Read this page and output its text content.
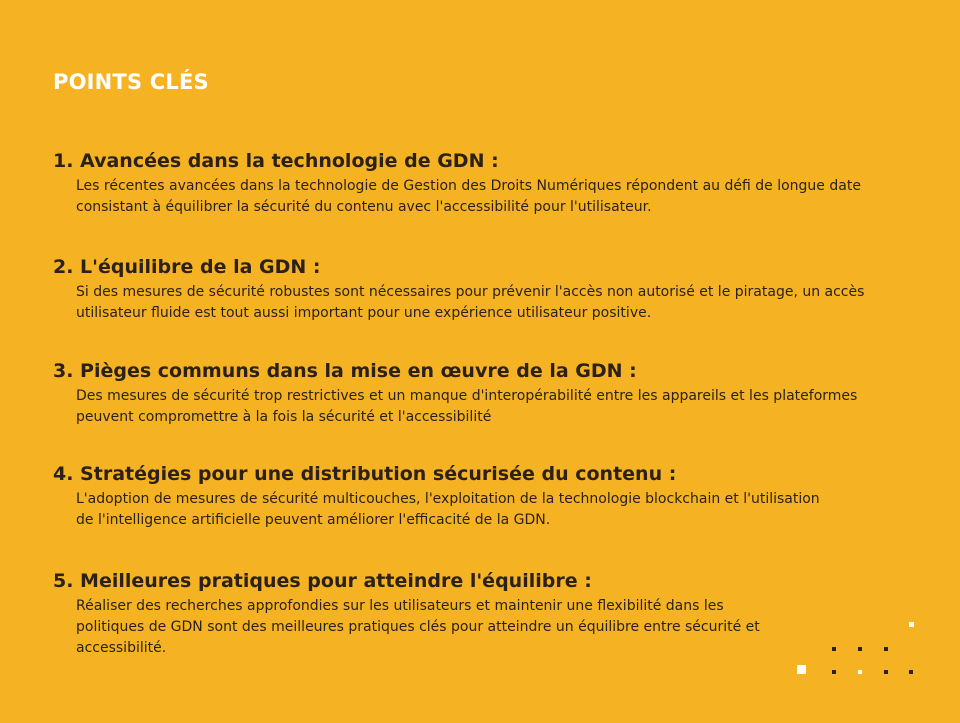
POINTS CLÉS
1. Avancées dans la technologie de GDN :

Les récentes avancées dans la technologie de Gestion des Droits Numériques répondent au défi de longue date consistant à équilibrer la sécurité du contenu avec l'accessibilité pour l'utilisateur.

2. L'équilibre de la GDN :

Si des mesures de sécurité robustes sont nécessaires pour prévenir l'accès non autorisé et le piratage, un accès utilisateur fluide est tout aussi important pour une expérience utilisateur positive.

3. Pièges communs dans la mise en œuvre de la GDN :

Des mesures de sécurité trop restrictives et un manque d'interopérabilité entre les appareils et les plateformes peuvent compromettre à la fois la sécurité et l'accessibilité

4. Stratégies pour une distribution sécurisée du contenu :

L'adoption de mesures de sécurité multicouches, l'exploitation de la technologie blockchain et l'utilisation de l'intelligence artificielle peuvent améliorer l'efficacité de la GDN.

5. Meilleures pratiques pour atteindre l'équilibre :

Réaliser des recherches approfondies sur les utilisateurs et maintenir une flexibilité dans les politiques de GDN sont des meilleures pratiques clés pour atteindre un équilibre entre sécurité et accessibilité.
